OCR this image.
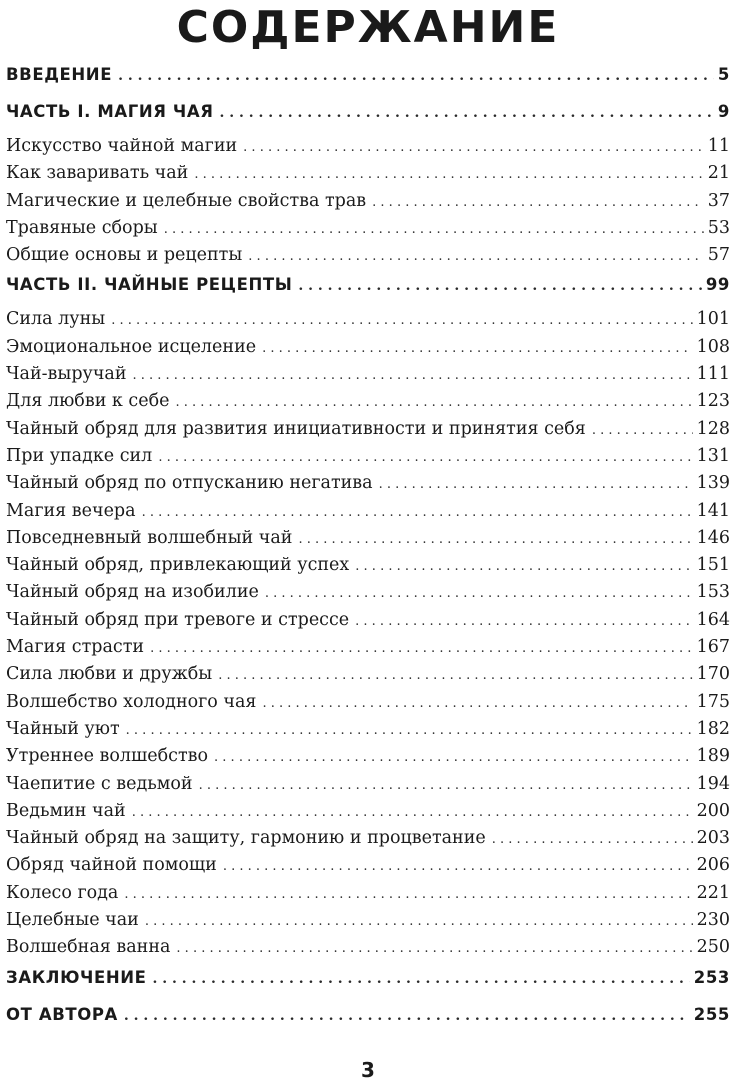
СОДЕРЖАНИЕ
ВВЕДЕНИЕ . . .	5
ЧАСТЬ I. МАГИЯ ЧАЯ . . .	9
Искусство чайной магии . . .	11
Как заваривать чай . . .	21
Магические и целебные свойства трав . . .	37
Травяные сборы . . .	53
Общие основы и рецепты . . .	57
ЧАСТЬ II. ЧАЙНЫЕ РЕЦЕПТЫ . . .	99
Сила луны . . .	101
Эмоциональное исцеление . . .	108
Чай-выручай . . .	111
Для любви к себе . . .	123
Чайный обряд для развития инициативности и принятия себя . . .	128
При упадке сил . . .	131
Чайный обряд по отпусканию негатива . . .	139
Магия вечера . . .	141
Повседневный волшебный чай . . .	146
Чайный обряд, привлекающий успех . . .	151
Чайный обряд на изобилие . . .	153
Чайный обряд при тревоге и стрессе . . .	164
Магия страсти . . .	167
Сила любви и дружбы . . .	170
Волшебство холодного чая . . .	175
Чайный уют . . .	182
Утреннее волшебство . . .	189
Чаепитие с ведьмой . . .	194
Ведьмин чай . . .	200
Чайный обряд на защиту, гармонию и процветание . . .	203
Обряд чайной помощи . . .	206
Колесо года . . .	221
Целебные чаи . . .	230
Волшебная ванна . . .	250
ЗАКЛЮЧЕНИЕ . . .	253
ОТ АВТОРА . . .	255
3
